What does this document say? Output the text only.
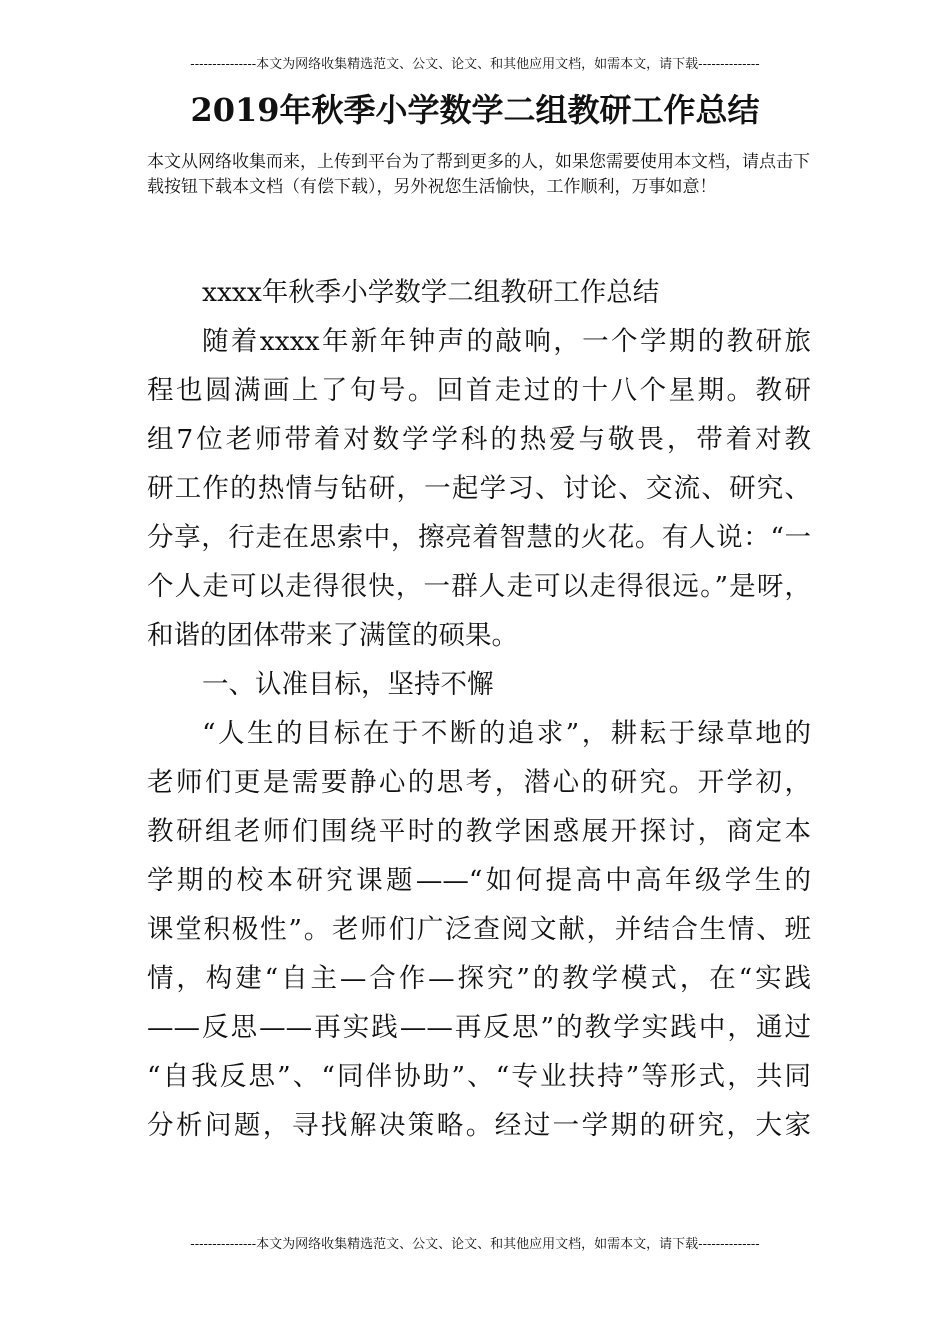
---------------本文为网络收集精选范文、公文、论文、和其他应用文档，如需本文，请下载--------------
2019年秋季小学数学二组教研工作总结
本文从网络收集而来，上传到平台为了帮到更多的人，如果您需要使用本文档，请点击下载按钮下载本文档（有偿下载），另外祝您生活愉快，工作顺利，万事如意！
xxxx年秋季小学数学二组教研工作总结
随着xxxx年新年钟声的敲响，一个学期的教研旅
程也圆满画上了句号。回首走过的十八个星期。教研
组7位老师带着对数学学科的热爱与敬畏，带着对教
研工作的热情与钻研，一起学习、讨论、交流、研究、
分享，行走在思索中，擦亮着智慧的火花。有人说：“一
个人走可以走得很快，一群人走可以走得很远。”是呀，
和谐的团体带来了满筐的硕果。
一、认准目标，坚持不懈
“人生的目标在于不断的追求”，耕耘于绿草地的
老师们更是需要静心的思考，潜心的研究。开学初，
教研组老师们围绕平时的教学困惑展开探讨，商定本
学期的校本研究课题——“如何提高中高年级学生的
课堂积极性”。老师们广泛查阅文献，并结合生情、班
情，构建“自主—合作—探究”的教学模式，在“实践
——反思——再实践——再反思”的教学实践中，通过
“自我反思”、“同伴协助”、“专业扶持”等形式，共同
分析问题，寻找解决策略。经过一学期的研究，大家
---------------本文为网络收集精选范文、公文、论文、和其他应用文档，如需本文，请下载--------------
